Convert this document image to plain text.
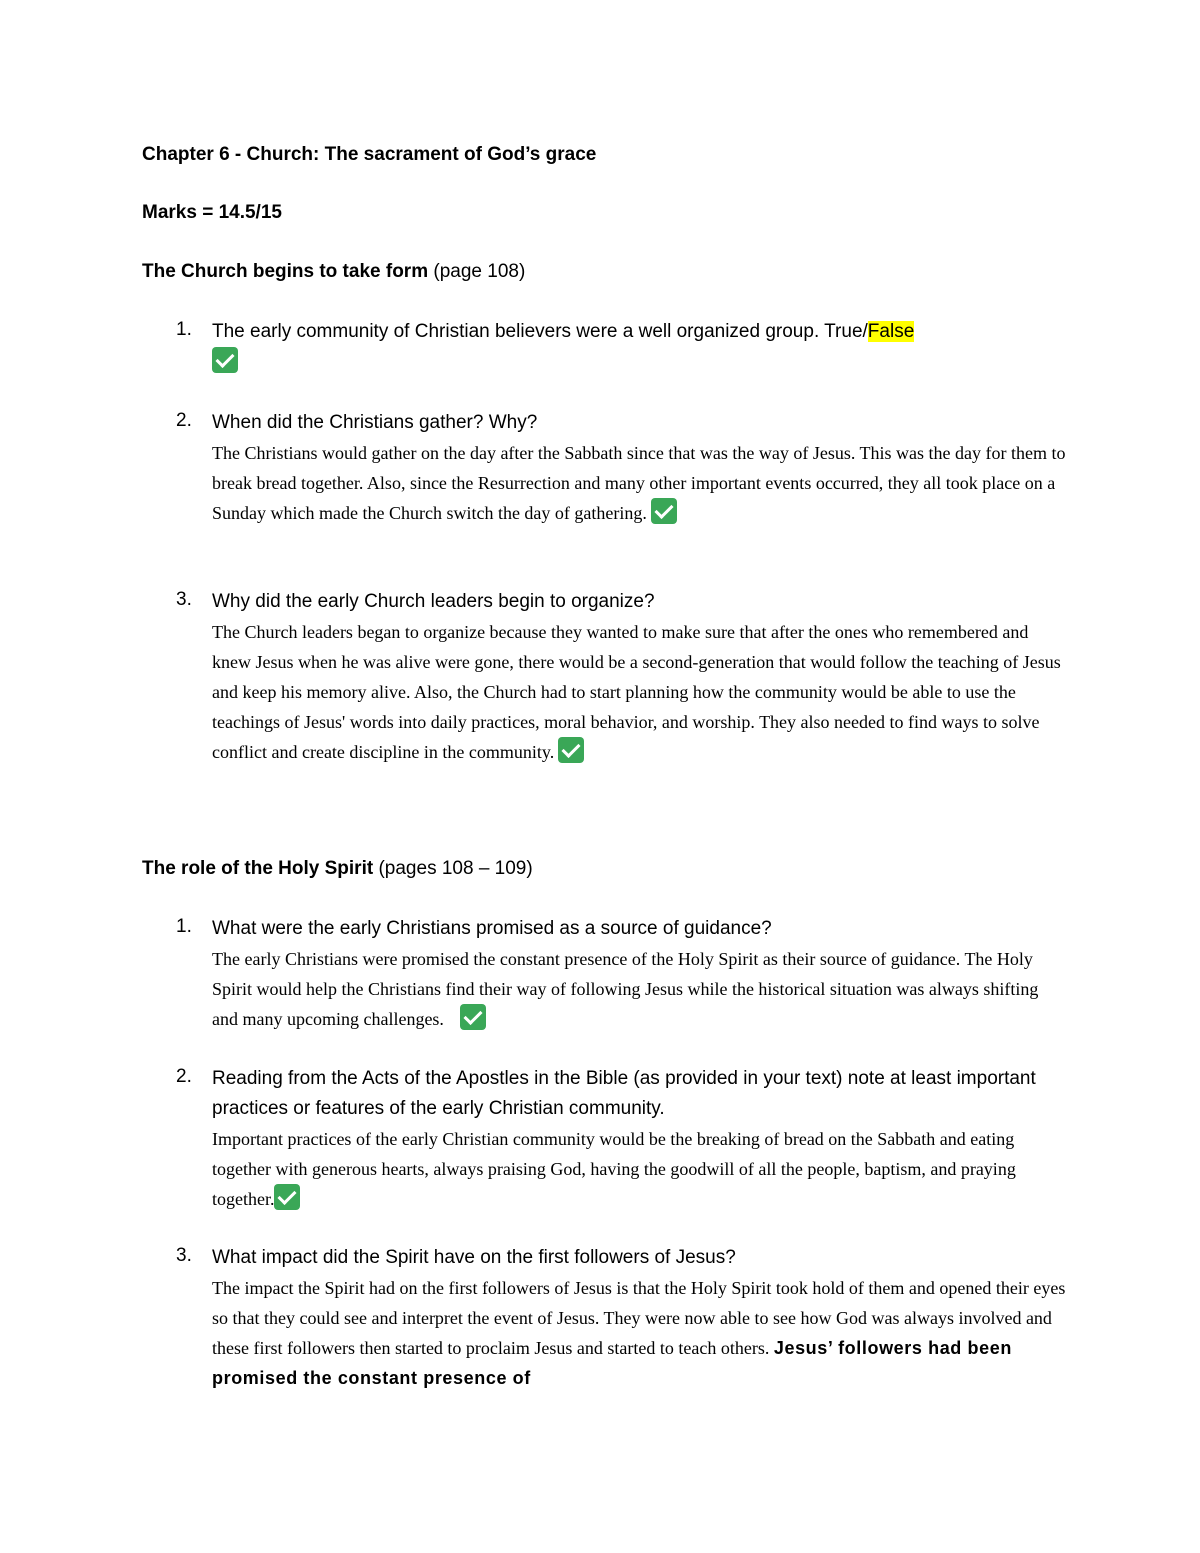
Chapter 6 - Church: The sacrament of God’s grace
Marks = 14.5/15
The Church begins to take form (page 108)
1. The early community of Christian believers were a well organized group. True/False

2. When did the Christians gather? Why?
The Christians would gather on the day after the Sabbath since that was the way of Jesus. This was the day for them to break bread together. Also, since the Resurrection and many other important events occurred, they all took place on a Sunday which made the Church switch the day of gathering.
3. Why did the early Church leaders begin to organize?
The Church leaders began to organize because they wanted to make sure that after the ones who remembered and knew Jesus when he was alive were gone, there would be a second-generation that would follow the teaching of Jesus and keep his memory alive. Also, the Church had to start planning how the community would be able to use the teachings of Jesus' words into daily practices, moral behavior, and worship. They also needed to find ways to solve conflict and create discipline in the community.
The role of the Holy Spirit (pages 108 – 109)
1. What were the early Christians promised as a source of guidance?
The early Christians were promised the constant presence of the Holy Spirit as their source of guidance. The Holy Spirit would help the Christians find their way of following Jesus while the historical situation was always shifting and many upcoming challenges.
2. Reading from the Acts of the Apostles in the Bible (as provided in your text) note at least important practices or features of the early Christian community.
Important practices of the early Christian community would be the breaking of bread on the Sabbath and eating together with generous hearts, always praising God, having the goodwill of all the people, baptism, and praying together.
3. What impact did the Spirit have on the first followers of Jesus?
The impact the Spirit had on the first followers of Jesus is that the Holy Spirit took hold of them and opened their eyes so that they could see and interpret the event of Jesus. They were now able to see how God was always involved and these first followers then started to proclaim Jesus and started to teach others. Jesus’ followers had been promised the constant presence of
